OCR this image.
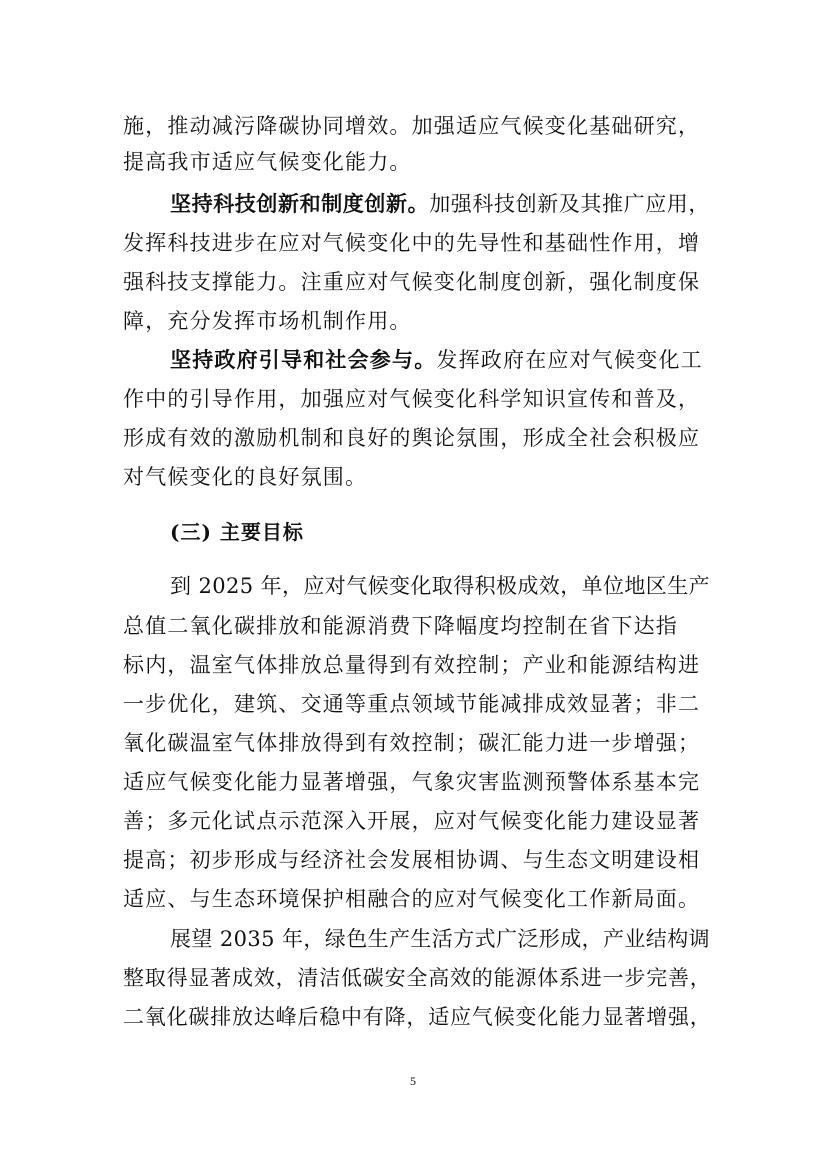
施，推动减污降碳协同增效。加强适应气候变化基础研究，
提高我市适应气候变化能力。
坚持科技创新和制度创新。加强科技创新及其推广应用，
发挥科技进步在应对气候变化中的先导性和基础性作用，增
强科技支撑能力。注重应对气候变化制度创新，强化制度保
障，充分发挥市场机制作用。
坚持政府引导和社会参与。发挥政府在应对气候变化工
作中的引导作用，加强应对气候变化科学知识宣传和普及，
形成有效的激励机制和良好的舆论氛围，形成全社会积极应
对气候变化的良好氛围。
(三) 主要目标
到 2025 年，应对气候变化取得积极成效，单位地区生产
总值二氧化碳排放和能源消费下降幅度均控制在省下达指
标内，温室气体排放总量得到有效控制；产业和能源结构进
一步优化，建筑、交通等重点领域节能减排成效显著；非二
氧化碳温室气体排放得到有效控制；碳汇能力进一步增强；
适应气候变化能力显著增强，气象灾害监测预警体系基本完
善；多元化试点示范深入开展，应对气候变化能力建设显著
提高；初步形成与经济社会发展相协调、与生态文明建设相
适应、与生态环境保护相融合的应对气候变化工作新局面。
展望 2035 年，绿色生产生活方式广泛形成，产业结构调
整取得显著成效，清洁低碳安全高效的能源体系进一步完善，
二氧化碳排放达峰后稳中有降，适应气候变化能力显著增强，
5
